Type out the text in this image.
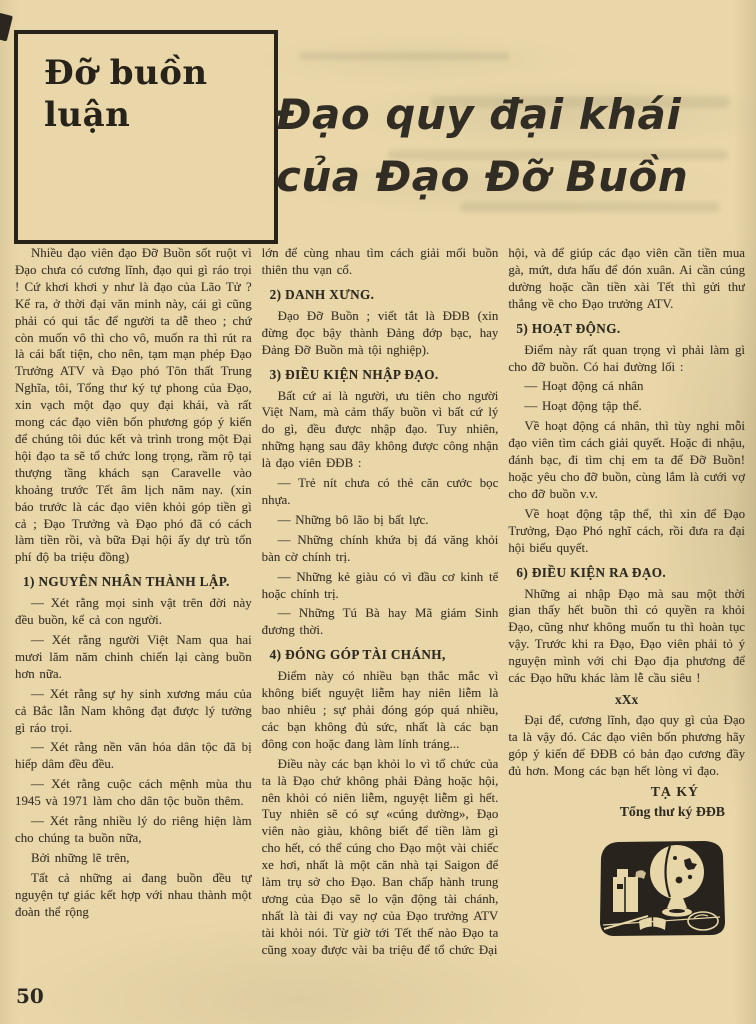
Đỡ buồn
luận	Đạo quy đại khái
của Đạo Đỡ Buồn

Nhiều đạo viên đạo Đỡ Buồn sốt ruột vì Đạo chưa có cương lĩnh, đạo qui gì ráo trọi ! Cứ khơi khơi y như là đạo của Lão Tử ? Kể ra, ở thời đại văn minh này, cái gì cũng phải có qui tắc để người ta dễ theo ; chứ còn muốn vô thì cho vô, muốn ra thì rút ra là cái bất tiện, cho nên, tạm mạn phép Đạo Trưởng ATV và Đạo phó Tôn thất Trung Nghĩa, tôi, Tổng thư ký tự phong của Đạo, xin vạch một đạo quy đại khái, và rất mong các đạo viên bốn phương góp ý kiến để chúng tôi đúc kết và trình trong một Đại hội đạo ta sẽ tổ chức long trọng, rầm rộ tại thượng tầng khách sạn Caravelle vào khoảng trước Tết âm lịch năm nay. (xin báo trước là các đạo viên khỏi góp tiền gì cả ; Đạo Trưởng và Đạo phó đã có cách làm tiền rồi, và bữa Đại hội ấy dự trù tổn phí độ ba triệu đồng)

1) NGUYÊN NHÂN THÀNH LẬP.

— Xét rằng mọi sinh vật trên đời này đều buồn, kể cả con người.

— Xét rằng người Việt Nam qua hai mươi lăm năm chinh chiến lại càng buồn hơn nữa.

— Xét rằng sự hy sinh xương máu của cả Bắc lẫn Nam không đạt được lý tưởng gì ráo trọi.

— Xét rằng nền văn hóa dân tộc đã bị hiếp dâm đều đều.

— Xét rằng cuộc cách mệnh mùa thu 1945 và 1971 làm cho dân tộc buồn thêm.

— Xét rằng nhiều lý do riêng hiện làm cho chúng ta buồn nữa,

Bởi những lẽ trên,

Tất cả những ai đang buồn đều tự nguyện tự giác kết hợp với nhau thành một đoàn thể rộng

lớn để cùng nhau tìm cách giải mối buồn thiên thu vạn cổ.

2) DANH XƯNG.

Đạo Đỡ Buồn ; viết tắt là ĐĐB (xin đừng đọc bậy thành Đảng đớp bạc, hay Đảng Đỡ Buồn mà tội nghiệp).

3) ĐIỀU KIỆN NHẬP ĐẠO.

Bất cứ ai là người, ưu tiên cho người Việt Nam, mà cảm thấy buồn vì bất cứ lý do gì, đều được nhập đạo. Tuy nhiên, những hạng sau đây không được công nhận là đạo viên ĐĐB :

— Trẻ nít chưa có thẻ căn cước bọc nhựa.

— Những bô lão bị bất lực.

— Những chính khứa bị đá văng khỏi bàn cờ chính trị.

— Những kẻ giàu có vì đầu cơ kinh tế hoặc chính trị.

— Những Tú Bà hay Mã giám Sinh đương thời.

4) ĐÓNG GÓP TÀI CHÁNH,

Điểm này có nhiều bạn thắc mắc vì không biết nguyệt liễm hay niên liễm là bao nhiêu ; sự phải đóng góp quá nhiều, các bạn không đủ sức, nhất là các bạn đông con hoặc đang làm lính tráng...

Điều này các bạn khỏi lo vì tổ chức của ta là Đạo chứ không phải Đảng hoặc hội, nên khỏi có niên liễm, nguyệt liễm gì hết. Tuy nhiên sẽ có sự «cúng dường», Đạo viên nào giàu, không biết để tiền làm gì cho hết, có thể cúng cho Đạo một vài chiếc xe hơi, nhất là một căn nhà tại Saigon để làm trụ sở cho Đạo. Ban chấp hành trung ương của Đạo sẽ lo vận động tài chánh, nhất là tài đi vay nợ của Đạo trưởng ATV tài khỏi nói. Từ giờ tới Tết thế nào Đạo ta cũng xoay được vài ba triệu để tổ chức Đại

hội, và để giúp các đạo viên cần tiền mua gà, mứt, dưa hấu để đón xuân. Ai cần cúng dường hoặc cần tiền xài Tết thì gửi thư thẳng về cho Đạo trưởng ATV.

5) HOẠT ĐỘNG.

Điểm này rất quan trọng vì phải làm gì cho đỡ buồn. Có hai đường lối :

— Hoạt động cá nhân

— Hoạt động tập thể.

Về hoạt động cá nhân, thì tùy nghi mỗi đạo viên tìm cách giải quyết. Hoặc đi nhậu, đánh bạc, đi tìm chị em ta để Đỡ Buồn! hoặc yêu cho đỡ buồn, cùng lắm là cưới vợ cho đỡ buồn v.v.

Về hoạt động tập thể, thì xin để Đạo Trưởng, Đạo Phó nghĩ cách, rồi đưa ra đại hội biểu quyết.

6) ĐIỀU KIỆN RA ĐẠO.

Những ai nhập Đạo mà sau một thời gian thấy hết buồn thì có quyền ra khỏi Đạo, cũng như không muốn tu thì hoàn tục vậy. Trước khi ra Đạo, Đạo viên phải tỏ ý nguyện mình với chi Đạo địa phương để các Đạo hữu khác làm lễ cầu siêu !

xXx

Đại để, cương lĩnh, đạo quy gì của Đạo ta là vậy đó. Các đạo viên bốn phương hãy góp ý kiến để ĐĐB có bản đạo cương đầy đủ hơn. Mong các bạn hết lòng vì đạo.

TẠ KÝ

Tổng thư ký ĐĐB

50
